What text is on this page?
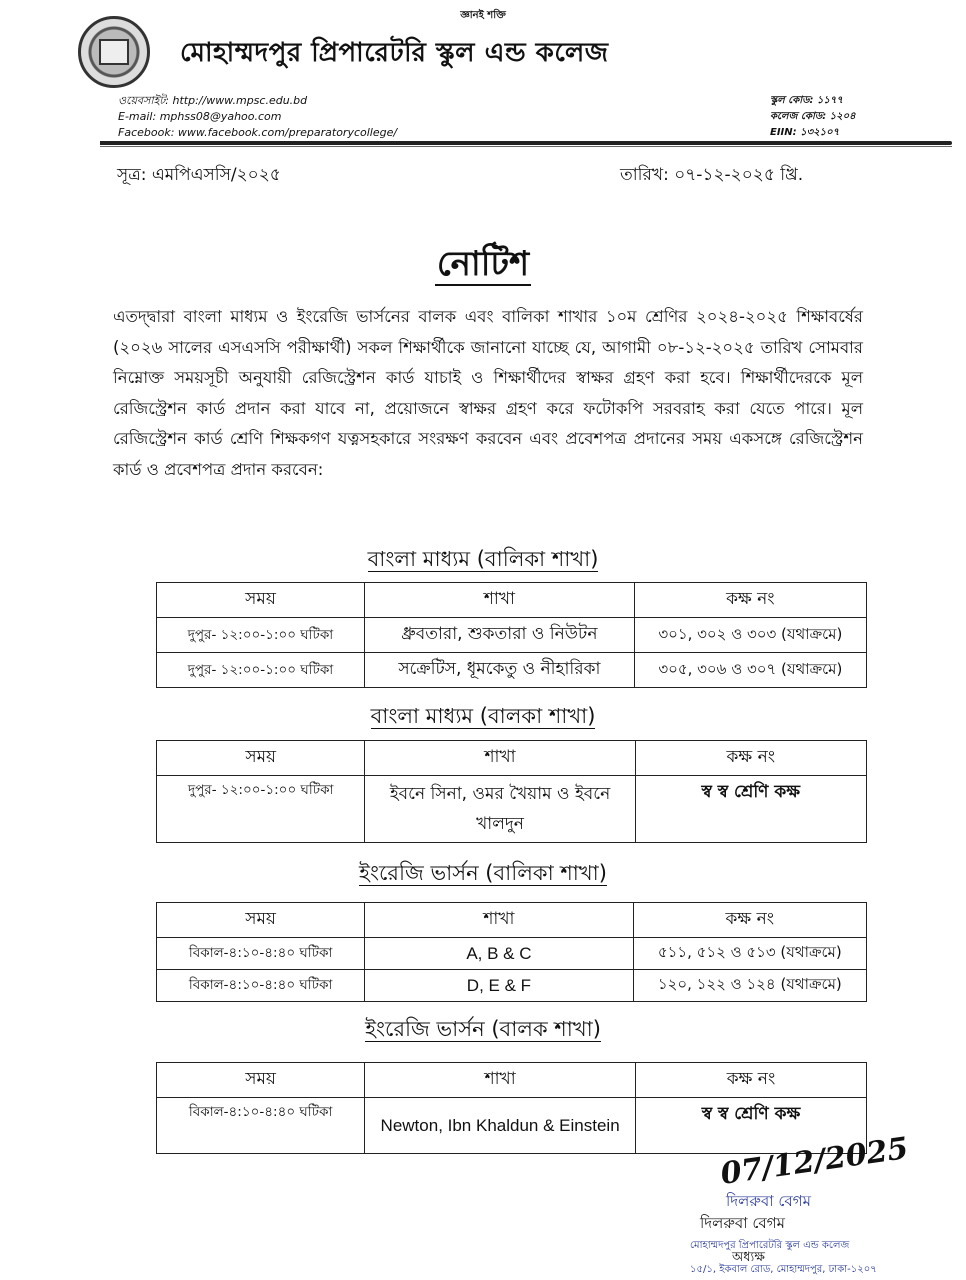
জ্ঞানই শক্তি
মোহাম্মদপুর প্রিপারেটরি স্কুল এন্ড কলেজ
ওয়েবসাইট: http://www.mpsc.edu.bd
E-mail: mphss08@yahoo.com
Facebook: www.facebook.com/preparatorycollege/
স্কুল কোড: ১১৭৭
কলেজ কোড: ১২০৪
EIIN: ১৩২১০৭
সূত্র: এমপিএসসি/২০২৫	তারিখ: ০৭-১২-২০২৫ খ্রি.
নোটিশ
এতদ্দ্বারা বাংলা মাধ্যম ও ইংরেজি ভার্সনের বালক এবং বালিকা শাখার ১০ম শ্রেণির ২০২৪-২০২৫ শিক্ষাবর্ষের (২০২৬ সালের এসএসসি পরীক্ষার্থী) সকল শিক্ষার্থীকে জানানো যাচ্ছে যে, আগামী ০৮-১২-২০২৫ তারিখ সোমবার নিম্নোক্ত সময়সূচী অনুযায়ী রেজিস্ট্রেশন কার্ড যাচাই ও শিক্ষার্থীদের স্বাক্ষর গ্রহণ করা হবে। শিক্ষার্থীদেরকে মূল রেজিস্ট্রেশন কার্ড প্রদান করা যাবে না, প্রয়োজনে স্বাক্ষর গ্রহণ করে ফটোকপি সরবরাহ করা যেতে পারে। মূল রেজিস্ট্রেশন কার্ড শ্রেণি শিক্ষকগণ যত্নসহকারে সংরক্ষণ করবেন এবং প্রবেশপত্র প্রদানের সময় একসঙ্গে রেজিস্ট্রেশন কার্ড ও প্রবেশপত্র প্রদান করবেন:
বাংলা মাধ্যম (বালিকা শাখা)
সময়	শাখা	কক্ষ নং
দুপুর- ১২:০০-১:০০ ঘটিকা	ধ্রুবতারা, শুকতারা ও নিউটন	৩০১, ৩০২ ও ৩০৩ (যথাক্রমে)
দুপুর- ১২:০০-১:০০ ঘটিকা	সক্রেটিস, ধূমকেতু ও নীহারিকা	৩০৫, ৩০৬ ও ৩০৭ (যথাক্রমে)
বাংলা মাধ্যম (বালকা শাখা)
সময়	শাখা	কক্ষ নং
দুপুর- ১২:০০-১:০০ ঘটিকা	ইবনে সিনা, ওমর খৈয়াম ও ইবনে খালদুন	স্ব স্ব শ্রেণি কক্ষ
ইংরেজি ভার্সন (বালিকা শাখা)
সময়	শাখা	কক্ষ নং
বিকাল-৪:১০-৪:৪০ ঘটিকা	A, B & C	৫১১, ৫১২ ও ৫১৩ (যথাক্রমে)
বিকাল-৪:১০-৪:৪০ ঘটিকা	D, E & F	১২০, ১২২ ও ১২৪ (যথাক্রমে)
ইংরেজি ভার্সন (বালক শাখা)
সময়	শাখা	কক্ষ নং
বিকাল-৪:১০-৪:৪০ ঘটিকা	Newton, Ibn Khaldun & Einstein	স্ব স্ব শ্রেণি কক্ষ
07/12/2025
দিলরুবা বেগম
দিলরুবা বেগম
মোহাম্মদপুর প্রিপারেটরি স্কুল এন্ড কলেজ
অধ্যক্ষ
১৫/১, ইকবাল রোড, মোহাম্মদপুর, ঢাকা-১২০৭
